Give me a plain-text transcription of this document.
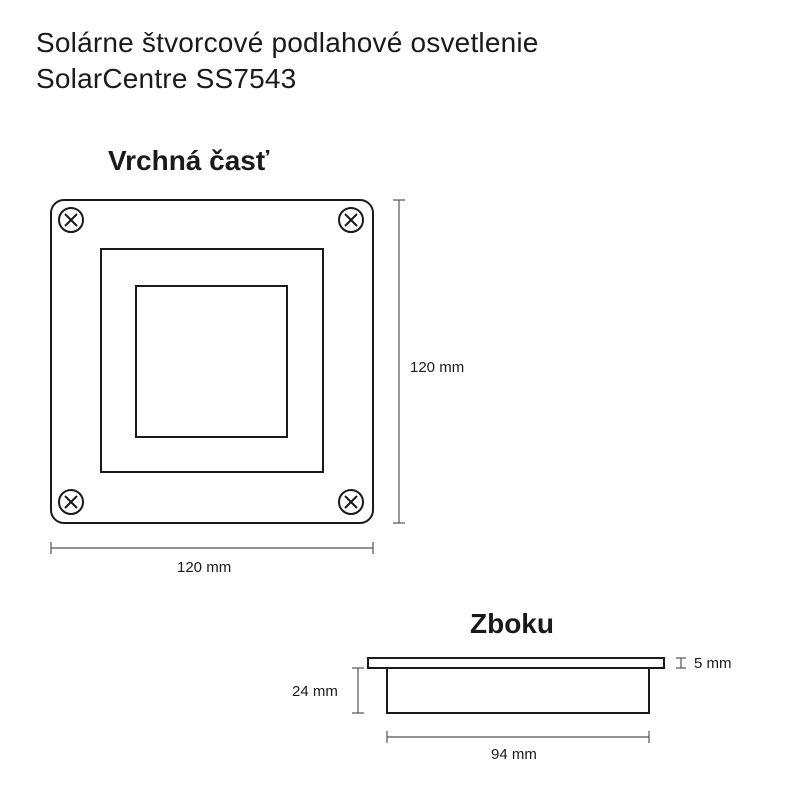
Solárne štvorcové podlahové osvetlenie
SolarCentre SS7543
Vrchná časť
Zboku
120 mm
120 mm
5 mm
24 mm
94 mm
